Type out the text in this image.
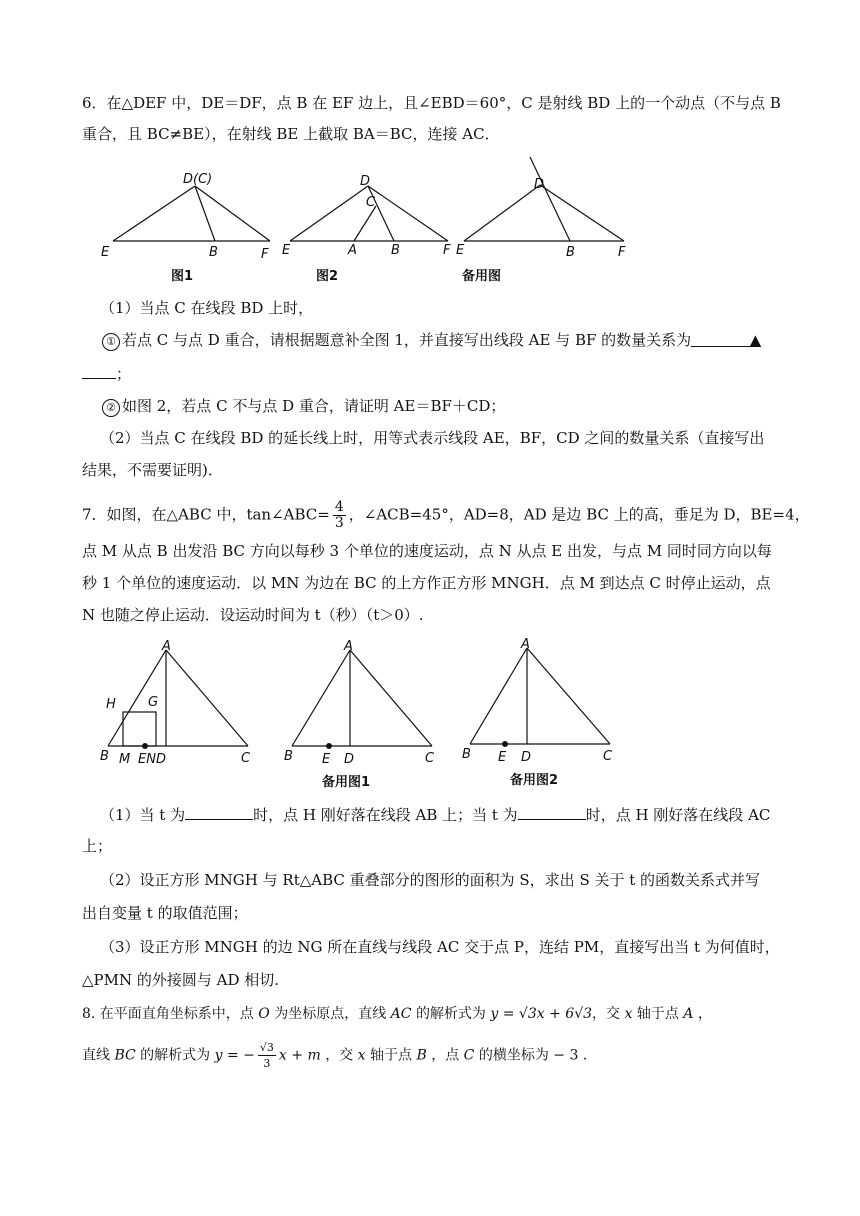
6．在△DEF 中，DE＝DF，点 B 在 EF 边上，且∠EBD＝60°，C 是射线 BD 上的一个动点（不与点 B
重合，且 BC≠BE），在射线 BE 上截取 BA＝BC，连接 AC．
D(C)
E	B	F
图1
D
C
E	A	B	F
图2
D
E	B	F
备用图
（1）当点 C 在线段 BD 上时，
① 若点 C 与点 D 重合，请根据题意补全图 1，并直接写出线段 AE 与 BF 的数量关系为	▲
；
② 如图 2，若点 C 不与点 D 重合，请证明 AE＝BF＋CD；
（2）当点 C 在线段 BD 的延长线上时，用等式表示线段 AE，BF，CD 之间的数量关系（直接写出
结果，不需要证明)．
7．如图，在△ABC 中，tan∠ABC= $\frac{4}{3}$ ，∠ACB=45°，AD=8，AD 是边 BC 上的高，垂足为 D，BE=4，
点 M 从点 B 出发沿 BC 方向以每秒 3 个单位的速度运动，点 N 从点 E 出发，与点 M 同时同方向以每
秒 1 个单位的速度运动．以 MN 为边在 BC 的上方作正方形 MNGH．点 M 到达点 C 时停止运动，点
N 也随之停止运动．设运动时间为 t（秒）（t＞0）.
A
H G
B M END	C
A
B E D	C
备用图1
A
B E D	C
备用图2
（1）当 t 为	时，点 H 刚好落在线段 AB 上；当 t 为	时，点 H 刚好落在线段 AC
上；
（2）设正方形 MNGH 与 Rt△ABC 重叠部分的图形的面积为 S，求出 S 关于 t 的函数关系式并写
出自变量 t 的取值范围；
（3）设正方形 MNGH 的边 NG 所在直线与线段 AC 交于点 P，连结 PM，直接写出当 t 为何值时，
△PMN 的外接圆与 AD 相切.
8. 在平面直角坐标系中，点 O 为坐标原点，直线 AC 的解析式为 y = √3x + 6√3，交 x 轴于点 A ，
直线 BC 的解析式为 y = − $\frac{√3}{3}$ x + m ，交 x 轴于点 B ，点 C 的横坐标为 − 3 ．
